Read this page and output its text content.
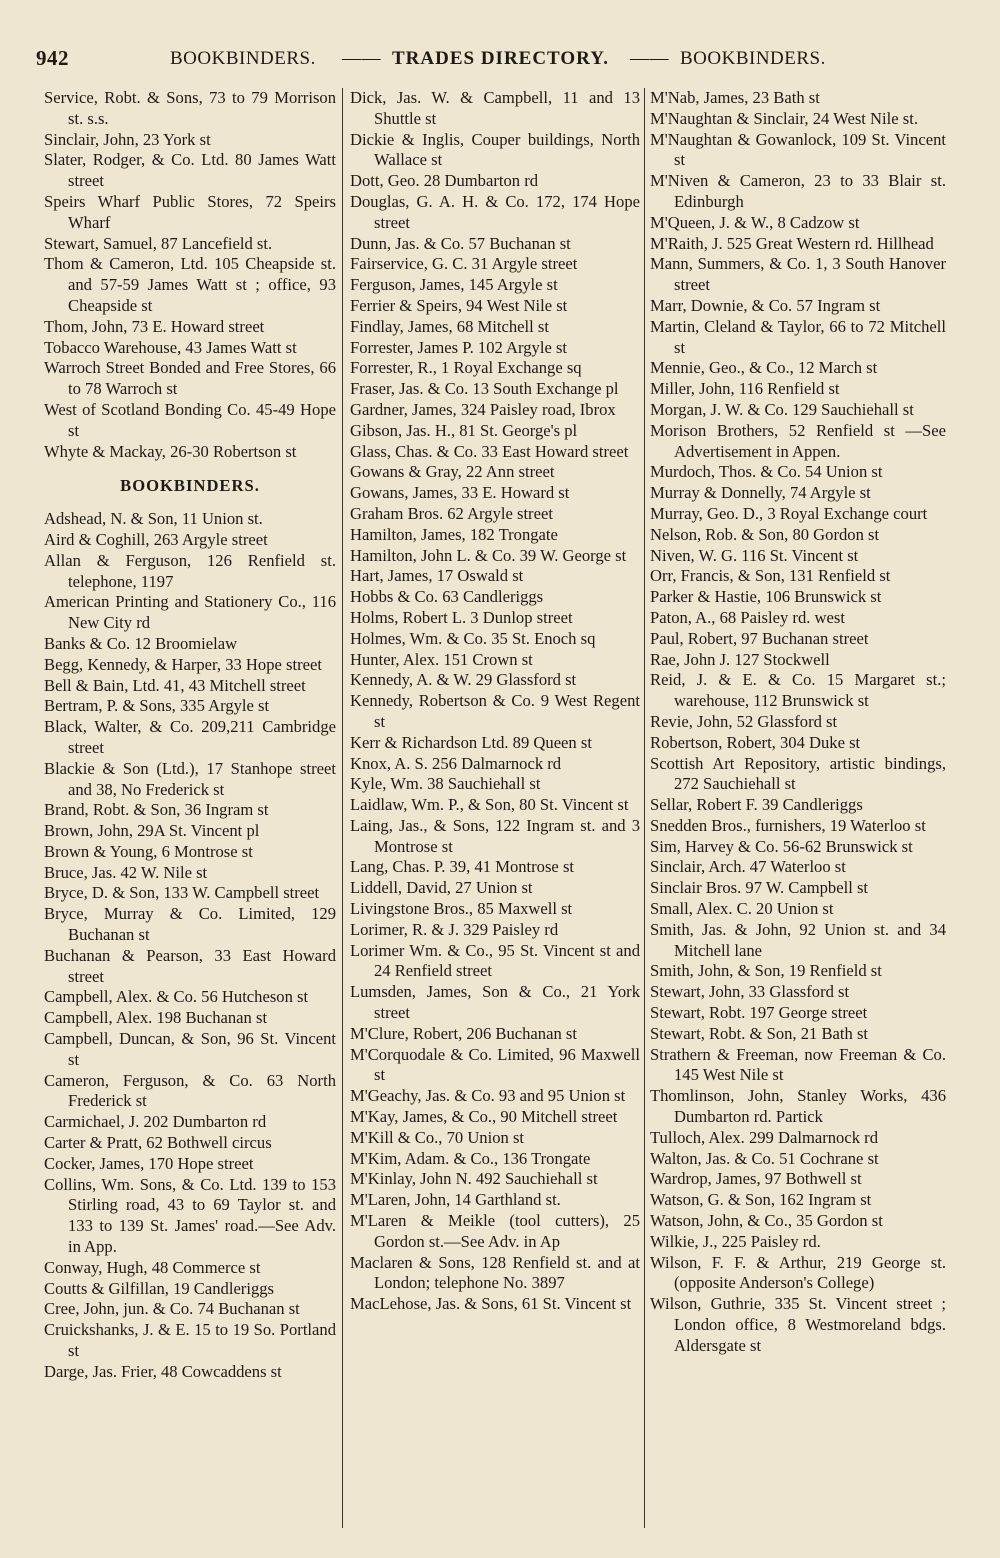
942	BOOKBINDERS. —— TRADES DIRECTORY. —— BOOKBINDERS.
Service, Robt. & Sons, 73 to 79 Morrison st. s.s.
Sinclair, John, 23 York st
Slater, Rodger, & Co. Ltd. 80 James Watt street
Speirs Wharf Public Stores, 72 Speirs Wharf
Stewart, Samuel, 87 Lancefield st.
Thom & Cameron, Ltd. 105 Cheapside st. and 57-59 James Watt st ; office, 93 Cheapside st
Thom, John, 73 E. Howard street
Tobacco Warehouse, 43 James Watt st
Warroch Street Bonded and Free Stores, 66 to 78 Warroch st
West of Scotland Bonding Co. 45-49 Hope st
Whyte & Mackay, 26-30 Robertson st
BOOKBINDERS.
Adshead, N. & Son, 11 Union st.
Aird & Coghill, 263 Argyle street
Allan & Ferguson, 126 Renfield st. telephone, 1197
American Printing and Stationery Co., 116 New City rd
Banks & Co. 12 Broomielaw
Begg, Kennedy, & Harper, 33 Hope street
Bell & Bain, Ltd. 41, 43 Mitchell street
Bertram, P. & Sons, 335 Argyle st
Black, Walter, & Co. 209,211 Cambridge street
Blackie & Son (Ltd.), 17 Stanhope street and 38, No Frederick st
Brand, Robt. & Son, 36 Ingram st
Brown, John, 29A St. Vincent pl
Brown & Young, 6 Montrose st
Bruce, Jas. 42 W. Nile st
Bryce, D. & Son, 133 W. Campbell street
Bryce, Murray & Co. Limited, 129 Buchanan st
Buchanan & Pearson, 33 East Howard street
Campbell, Alex. & Co. 56 Hutcheson st
Campbell, Alex. 198 Buchanan st
Campbell, Duncan, & Son, 96 St. Vincent st
Cameron, Ferguson, & Co. 63 North Frederick st
Carmichael, J. 202 Dumbarton rd
Carter & Pratt, 62 Bothwell circus
Cocker, James, 170 Hope street
Collins, Wm. Sons, & Co. Ltd. 139 to 153 Stirling road, 43 to 69 Taylor st. and 133 to 139 St. James' road.—See Adv. in App.
Conway, Hugh, 48 Commerce st
Coutts & Gilfillan, 19 Candleriggs
Cree, John, jun. & Co. 74 Buchanan st
Cruickshanks, J. & E. 15 to 19 So. Portland st
Darge, Jas. Frier, 48 Cowcaddens st
Dick, Jas. W. & Campbell, 11 and 13 Shuttle st
Dickie & Inglis, Couper buildings, North Wallace st
Dott, Geo. 28 Dumbarton rd
Douglas, G. A. H. & Co. 172, 174 Hope street
Dunn, Jas. & Co. 57 Buchanan st
Fairservice, G. C. 31 Argyle street
Ferguson, James, 145 Argyle st
Ferrier & Speirs, 94 West Nile st
Findlay, James, 68 Mitchell st
Forrester, James P. 102 Argyle st
Forrester, R., 1 Royal Exchange sq
Fraser, Jas. & Co. 13 South Exchange pl
Gardner, James, 324 Paisley road, Ibrox
Gibson, Jas. H., 81 St. George's pl
Glass, Chas. & Co. 33 East Howard street
Gowans & Gray, 22 Ann street
Gowans, James, 33 E. Howard st
Graham Bros. 62 Argyle street
Hamilton, James, 182 Trongate
Hamilton, John L. & Co. 39 W. George st
Hart, James, 17 Oswald st
Hobbs & Co. 63 Candleriggs
Holms, Robert L. 3 Dunlop street
Holmes, Wm. & Co. 35 St. Enoch sq
Hunter, Alex. 151 Crown st
Kennedy, A. & W. 29 Glassford st
Kennedy, Robertson & Co. 9 West Regent st
Kerr & Richardson Ltd. 89 Queen st
Knox, A. S. 256 Dalmarnock rd
Kyle, Wm. 38 Sauchiehall st
Laidlaw, Wm. P., & Son, 80 St. Vincent st
Laing, Jas., & Sons, 122 Ingram st. and 3 Montrose st
Lang, Chas. P. 39, 41 Montrose st
Liddell, David, 27 Union st
Livingstone Bros., 85 Maxwell st
Lorimer, R. & J. 329 Paisley rd
Lorimer Wm. & Co., 95 St. Vincent st and 24 Renfield street
Lumsden, James, Son & Co., 21 York street
M'Clure, Robert, 206 Buchanan st
M'Corquodale & Co. Limited, 96 Maxwell st
M'Geachy, Jas. & Co. 93 and 95 Union st
M'Kay, James, & Co., 90 Mitchell street
M'Kill & Co., 70 Union st
M'Kim, Adam. & Co., 136 Trongate
M'Kinlay, John N. 492 Sauchiehall st
M'Laren, John, 14 Garthland st.
M'Laren & Meikle (tool cutters), 25 Gordon st.—See Adv. in Ap
Maclaren & Sons, 128 Renfield st. and at London; telephone No. 3897
MacLehose, Jas. & Sons, 61 St. Vincent st
M'Nab, James, 23 Bath st
M'Naughtan & Sinclair, 24 West Nile st.
M'Naughtan & Gowanlock, 109 St. Vincent st
M'Niven & Cameron, 23 to 33 Blair st. Edinburgh
M'Queen, J. & W., 8 Cadzow st
M'Raith, J. 525 Great Western rd. Hillhead
Mann, Summers, & Co. 1, 3 South Hanover street
Marr, Downie, & Co. 57 Ingram st
Martin, Cleland & Taylor, 66 to 72 Mitchell st
Mennie, Geo., & Co., 12 March st
Miller, John, 116 Renfield st
Morgan, J. W. & Co. 129 Sauchiehall st
Morison Brothers, 52 Renfield st —See Advertisement in Appen.
Murdoch, Thos. & Co. 54 Union st
Murray & Donnelly, 74 Argyle st
Murray, Geo. D., 3 Royal Exchange court
Nelson, Rob. & Son, 80 Gordon st
Niven, W. G. 116 St. Vincent st
Orr, Francis, & Son, 131 Renfield st
Parker & Hastie, 106 Brunswick st
Paton, A., 68 Paisley rd. west
Paul, Robert, 97 Buchanan street
Rae, John J. 127 Stockwell
Reid, J. & E. & Co. 15 Margaret st.; warehouse, 112 Brunswick st
Revie, John, 52 Glassford st
Robertson, Robert, 304 Duke st
Scottish Art Repository, artistic bindings, 272 Sauchiehall st
Sellar, Robert F. 39 Candleriggs
Snedden Bros., furnishers, 19 Waterloo st
Sim, Harvey & Co. 56-62 Brunswick st
Sinclair, Arch. 47 Waterloo st
Sinclair Bros. 97 W. Campbell st
Small, Alex. C. 20 Union st
Smith, Jas. & John, 92 Union st. and 34 Mitchell lane
Smith, John, & Son, 19 Renfield st
Stewart, John, 33 Glassford st
Stewart, Robt. 197 George street
Stewart, Robt. & Son, 21 Bath st
Strathern & Freeman, now Freeman & Co. 145 West Nile st
Thomlinson, John, Stanley Works, 436 Dumbarton rd. Partick
Tulloch, Alex. 299 Dalmarnock rd
Walton, Jas. & Co. 51 Cochrane st
Wardrop, James, 97 Bothwell st
Watson, G. & Son, 162 Ingram st
Watson, John, & Co., 35 Gordon st
Wilkie, J., 225 Paisley rd.
Wilson, F. F. & Arthur, 219 George st. (opposite Anderson's College)
Wilson, Guthrie, 335 St. Vincent street ; London office, 8 Westmoreland bdgs. Aldersgate st
